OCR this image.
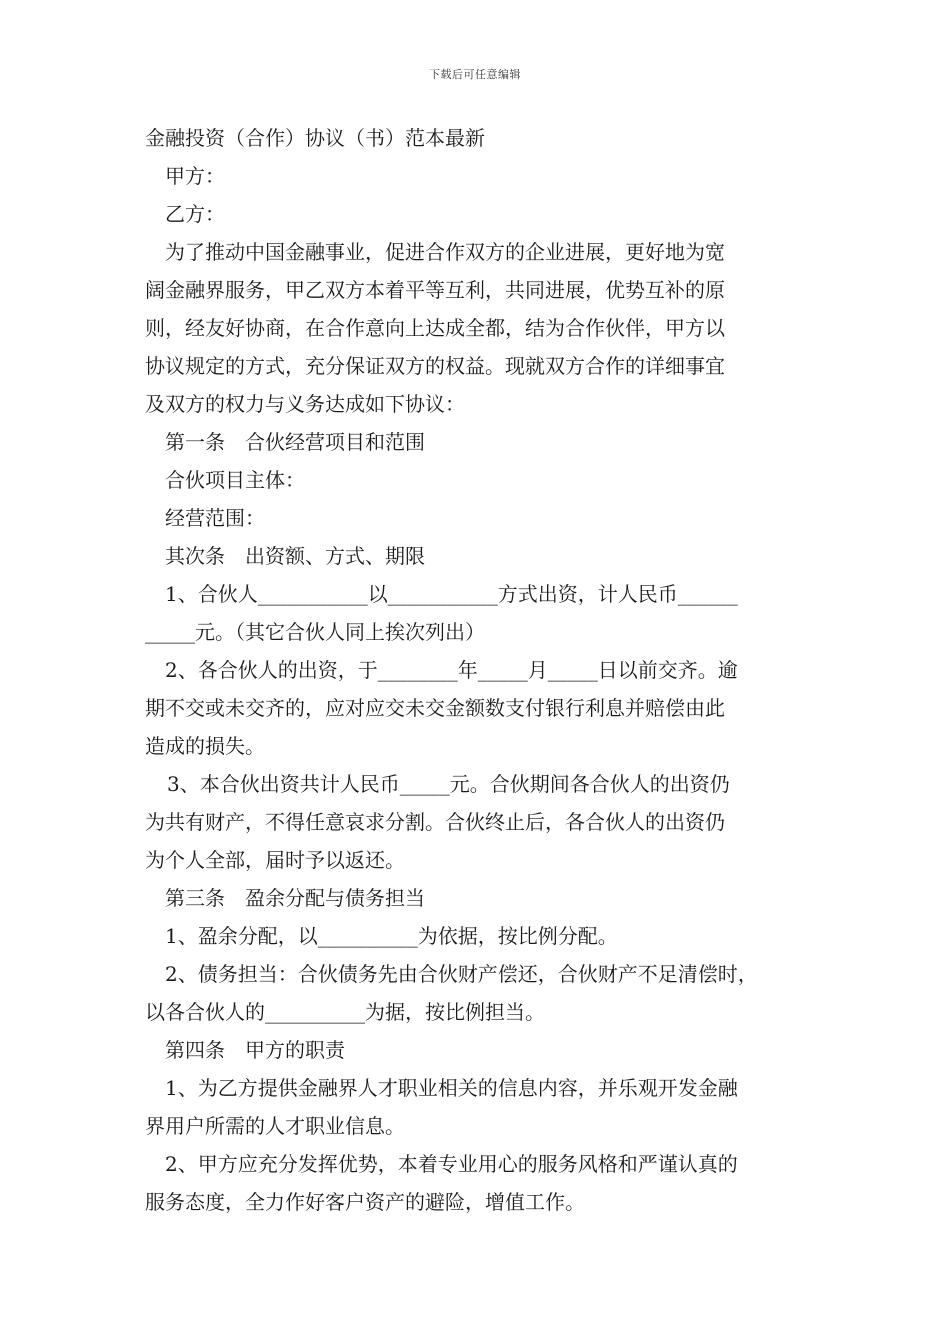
下载后可任意编辑
金融投资（合作）协议（书）范本最新
甲方：
乙方：
为了推动中国金融事业，促进合作双方的企业进展，更好地为宽
阔金融界服务，甲乙双方本着平等互利，共同进展，优势互补的原
则，经友好协商，在合作意向上达成全都，结为合作伙伴，甲方以
协议规定的方式，充分保证双方的权益。现就双方合作的详细事宜
及双方的权力与义务达成如下协议：
第一条　合伙经营项目和范围
合伙项目主体：
经营范围：
其次条　出资额、方式、期限
1、合伙人___________以___________方式出资，计人民币______
_____元。（其它合伙人同上挨次列出）
2、各合伙人的出资，于________年_____月_____日以前交齐。逾
期不交或未交齐的，应对应交未交金额数支付银行利息并赔偿由此
造成的损失。
3、本合伙出资共计人民币_____元。合伙期间各合伙人的出资仍
为共有财产，不得任意哀求分割。合伙终止后，各合伙人的出资仍
为个人全部，届时予以返还。
第三条　盈余分配与债务担当
1、盈余分配，以__________为依据，按比例分配。
2、债务担当：合伙债务先由合伙财产偿还，合伙财产不足清偿时，
以各合伙人的__________为据，按比例担当。
第四条　甲方的职责
1、为乙方提供金融界人才职业相关的信息内容，并乐观开发金融
界用户所需的人才职业信息。
2、甲方应充分发挥优势，本着专业用心的服务风格和严谨认真的
服务态度，全力作好客户资产的避险，增值工作。
